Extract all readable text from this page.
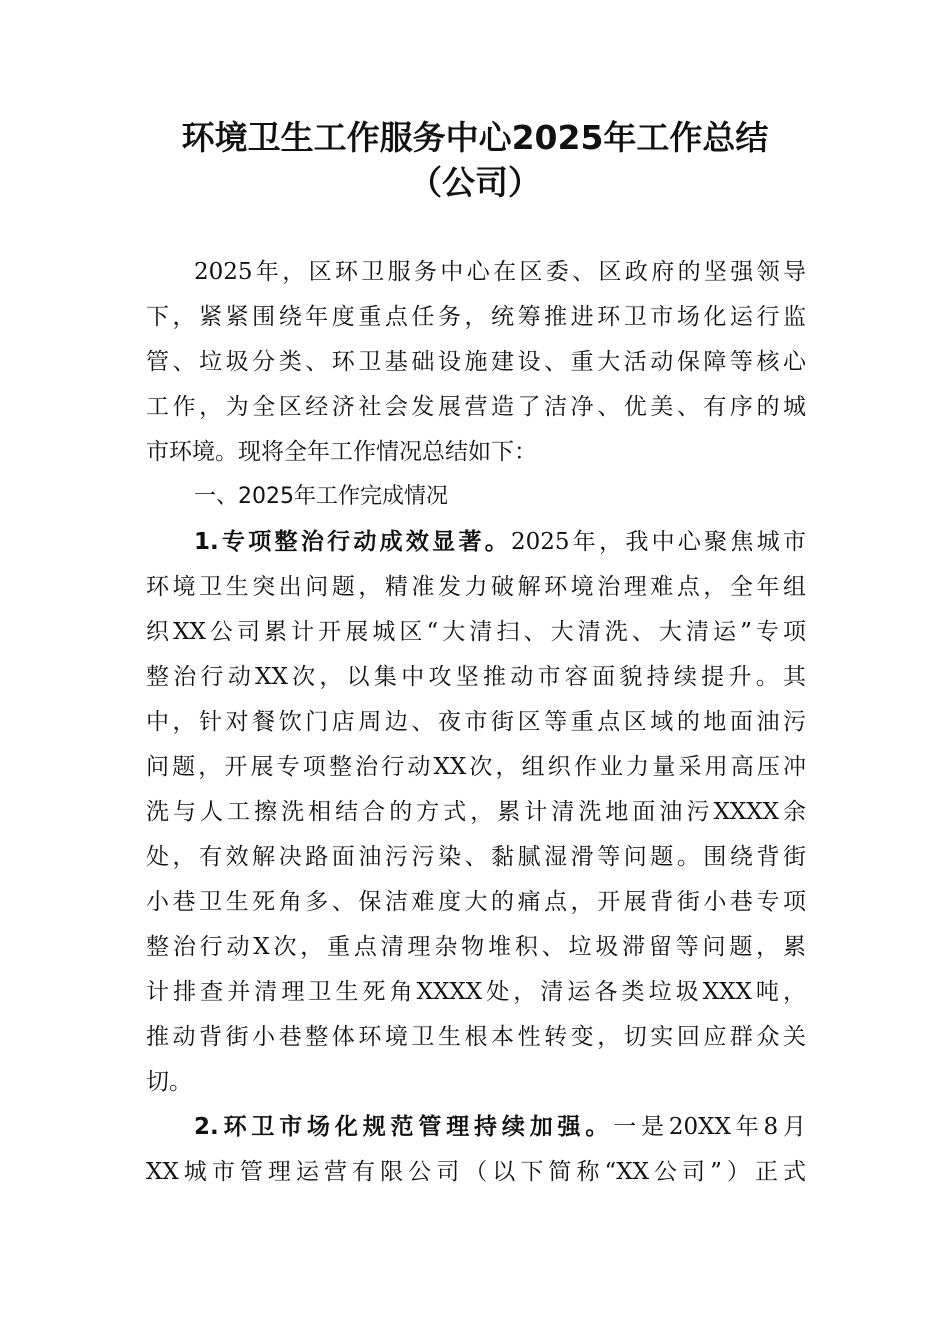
环境卫生工作服务中心2025年工作总结
（公司）
2025年，区环卫服务中心在区委、区政府的坚强领导
下，紧紧围绕年度重点任务，统筹推进环卫市场化运行监
管、垃圾分类、环卫基础设施建设、重大活动保障等核心
工作，为全区经济社会发展营造了洁净、优美、有序的城
市环境。现将全年工作情况总结如下：
一、2025年工作完成情况
1.专项整治行动成效显著。2025年，我中心聚焦城市
环境卫生突出问题，精准发力破解环境治理难点，全年组
织XX公司累计开展城区“大清扫、大清洗、大清运”专项
整治行动XX次，以集中攻坚推动市容面貌持续提升。其
中，针对餐饮门店周边、夜市街区等重点区域的地面油污
问题，开展专项整治行动XX次，组织作业力量采用高压冲
洗与人工擦洗相结合的方式，累计清洗地面油污XXXX余
处，有效解决路面油污污染、黏腻湿滑等问题。围绕背街
小巷卫生死角多、保洁难度大的痛点，开展背街小巷专项
整治行动X次，重点清理杂物堆积、垃圾滞留等问题，累
计排查并清理卫生死角XXXX处，清运各类垃圾XXX吨，
推动背街小巷整体环境卫生根本性转变，切实回应群众关
切。
2.环卫市场化规范管理持续加强。一是20XX年8月
XX城市管理运营有限公司（以下简称“XX公司”）正式
